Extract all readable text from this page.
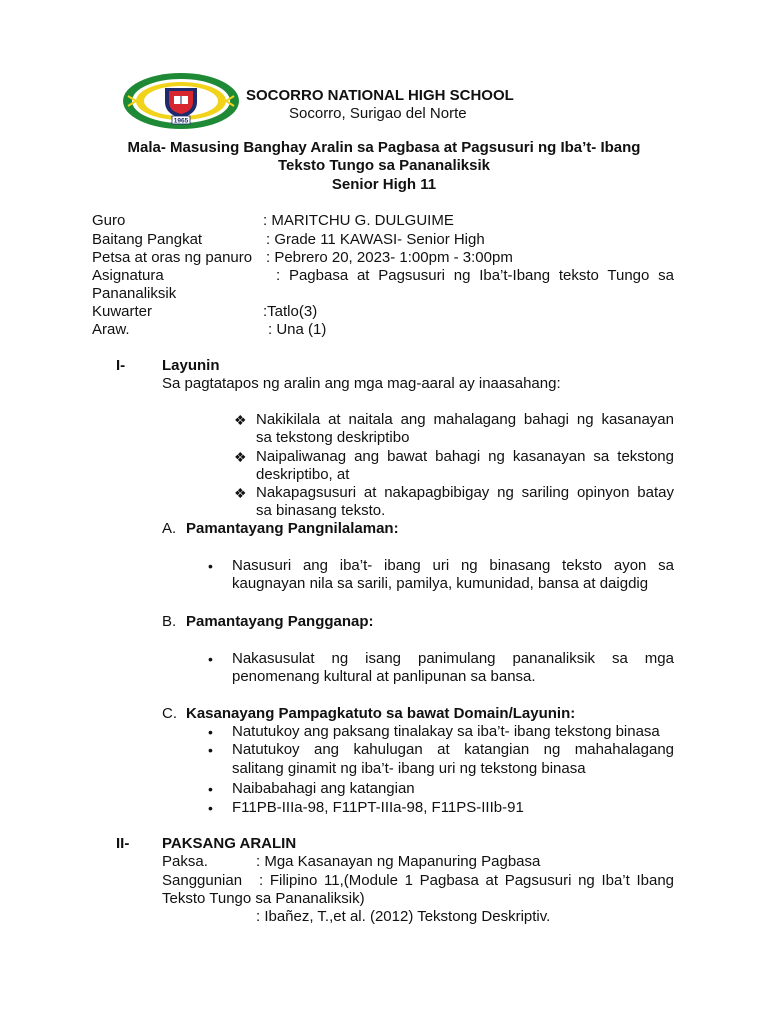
1965
SOCORRO NATIONAL HIGH SCHOOL
Socorro, Surigao del Norte
Mala- Masusing Banghay Aralin sa Pagbasa at Pagsusuri ng Iba’t- Ibang
Teksto Tungo sa Pananaliksik
Senior High 11
Guro	: MARITCHU G. DULGUIME
Baitang Pangkat	: Grade 11 KAWASI- Senior High
Petsa at oras ng panuro : Pebrero 20, 2023- 1:00pm - 3:00pm
Asignatura	: Pagbasa at Pagsusuri ng Iba’t-Ibang teksto Tungo sa
Pananaliksik
Kuwarter	:Tatlo(3)
Araw.	: Una (1)
I- Layunin
Sa pagtatapos ng aralin ang mga mag-aaral ay inaasahang:
❖ Nakikilala at naitala ang mahalagang bahagi ng kasanayan
sa tekstong deskriptibo
❖ Naipaliwanag ang bawat bahagi ng kasanayan sa tekstong
deskriptibo, at
❖ Nakapagsusuri at nakapagbibigay ng sariling opinyon batay
sa binasang teksto.
A. Pamantayang Pangnilalaman:
• Nasusuri ang iba’t- ibang uri ng binasang teksto ayon sa
kaugnayan nila sa sarili, pamilya, kumunidad, bansa at daigdig
B. Pamantayang Pangganap:
• Nakasusulat ng isang panimulang pananaliksik sa mga
penomenang kultural at panlipunan sa bansa.
C. Kasanayang Pampagkatuto sa bawat Domain/Layunin:
• Natutukoy ang paksang tinalakay sa iba’t- ibang tekstong binasa
• Natutukoy ang kahulugan at katangian ng mahahalagang
salitang ginamit ng iba’t- ibang uri ng tekstong binasa
• Naibabahagi ang katangian
• F11PB-IIIa-98, F11PT-IIIa-98, F11PS-IIIb-91
II- PAKSANG ARALIN
Paksa.	: Mga Kasanayan ng Mapanuring Pagbasa
Sanggunian : Filipino 11,(Module 1 Pagbasa at Pagsusuri ng Iba’t Ibang
Teksto Tungo sa Pananaliksik)
: Ibañez, T.,et al. (2012) Tekstong Deskriptiv.
